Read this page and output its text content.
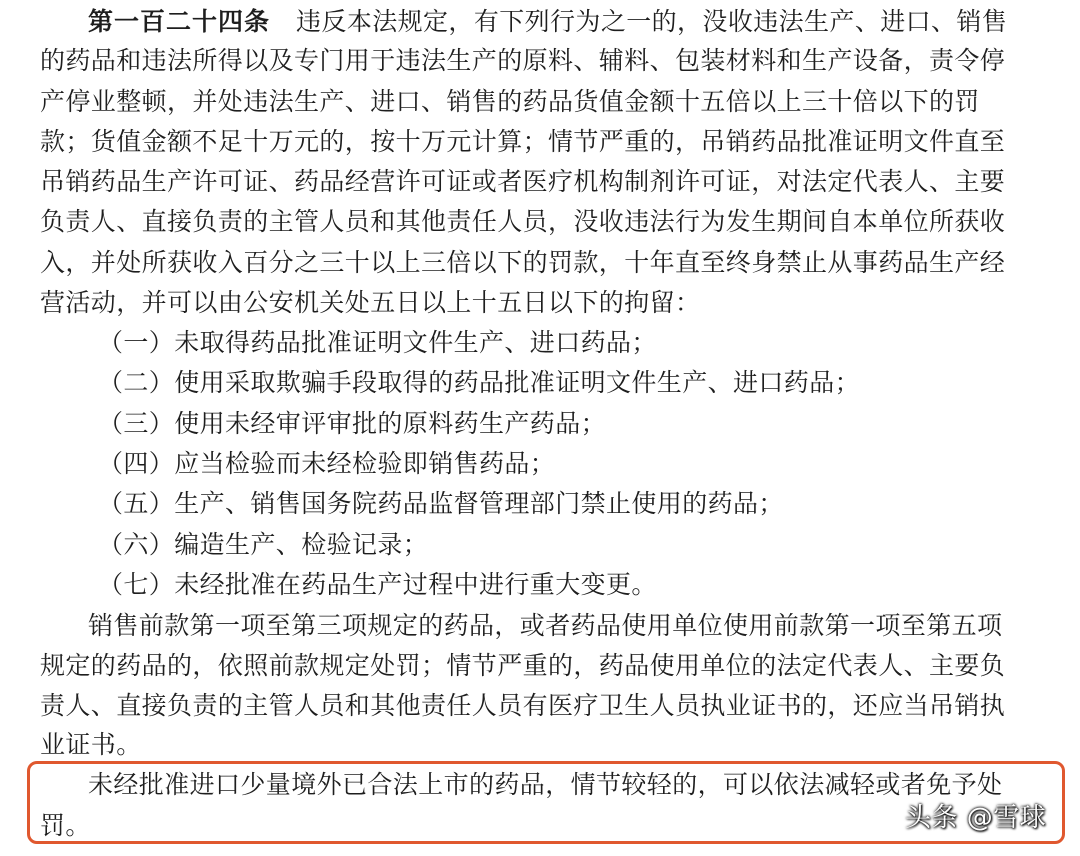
第一百二十四条 违反本法规定，有下列行为之一的，没收违法生产、进口、销售
的药品和违法所得以及专门用于违法生产的原料、辅料、包装材料和生产设备，责令停
产停业整顿，并处违法生产、进口、销售的药品货值金额十五倍以上三十倍以下的罚
款；货值金额不足十万元的，按十万元计算；情节严重的，吊销药品批准证明文件直至
吊销药品生产许可证、药品经营许可证或者医疗机构制剂许可证，对法定代表人、主要
负责人、直接负责的主管人员和其他责任人员，没收违法行为发生期间自本单位所获收
入，并处所获收入百分之三十以上三倍以下的罚款，十年直至终身禁止从事药品生产经
营活动，并可以由公安机关处五日以上十五日以下的拘留：
（一）未取得药品批准证明文件生产、进口药品；
（二）使用采取欺骗手段取得的药品批准证明文件生产、进口药品；
（三）使用未经审评审批的原料药生产药品；
（四）应当检验而未经检验即销售药品；
（五）生产、销售国务院药品监督管理部门禁止使用的药品；
（六）编造生产、检验记录；
（七）未经批准在药品生产过程中进行重大变更。
销售前款第一项至第三项规定的药品，或者药品使用单位使用前款第一项至第五项
规定的药品的，依照前款规定处罚；情节严重的，药品使用单位的法定代表人、主要负
责人、直接负责的主管人员和其他责任人员有医疗卫生人员执业证书的，还应当吊销执
业证书。
未经批准进口少量境外已合法上市的药品，情节较轻的，可以依法减轻或者免予处
罚。	头条 @雪球
